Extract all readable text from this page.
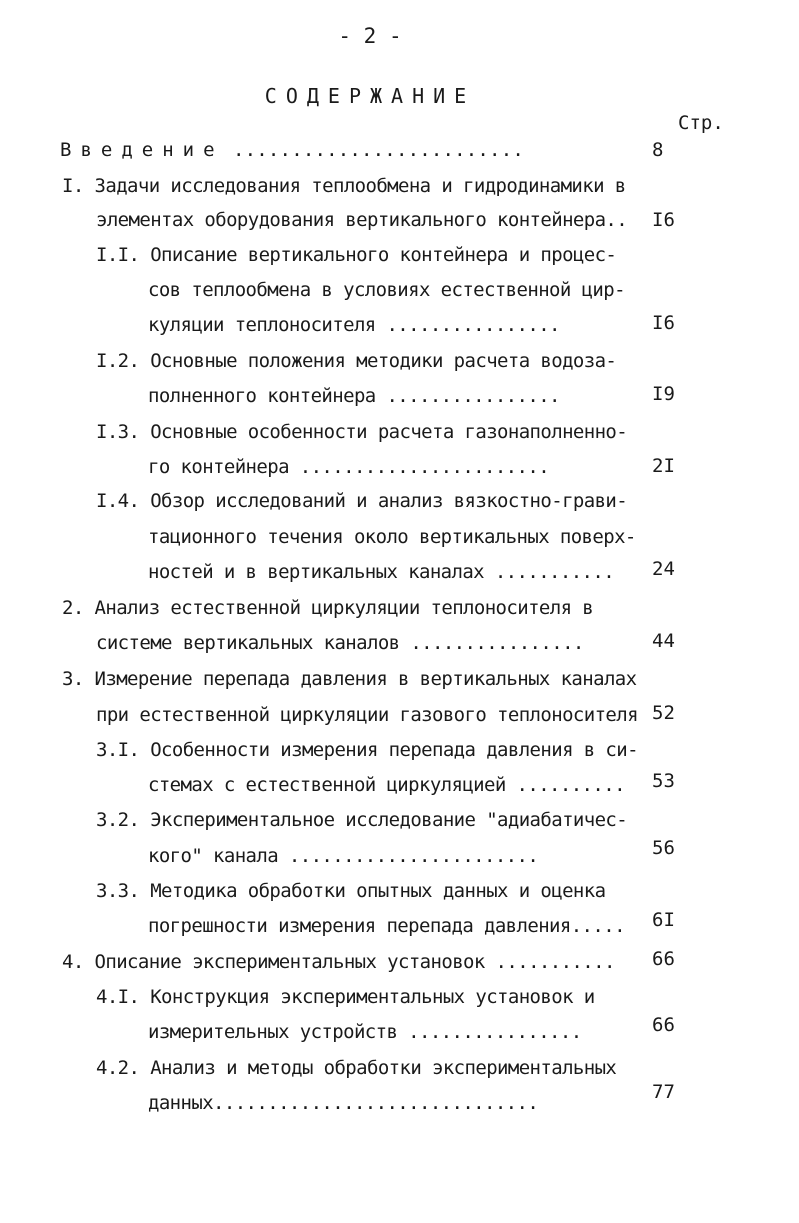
- 2 -
СОДЕРЖАНИЕ
Стр.
Введение .........................	8
I. Задачи исследования теплообмена и гидродинамики в
элементах оборудования вертикального контейнера.. I6
I.I. Описание вертикального контейнера и процес-
сов теплообмена в условиях естественной цир-
куляции теплоносителя ................	I6
I.2. Основные положения методики расчета водоза-
полненного контейнера ................	I9
I.3. Основные особенности расчета газонаполненно-
го контейнера .......................	2I
I.4. Обзор исследований и анализ вязкостно-грави-
тационного течения около вертикальных поверх-
ностей и в вертикальных каналах ........... 24
2. Анализ естественной циркуляции теплоносителя в
системе вертикальных каналов ................	44
3. Измерение перепада давления в вертикальных каналах
при естественной циркуляции газового теплоносителя 52
3.I. Особенности измерения перепада давления в си-
стемах с естественной циркуляцией .......... 53
3.2. Экспериментальное исследование "адиабатичес-
кого" канала .......................	56
3.3. Методика обработки опытных данных и оценка
погрешности измерения перепада давления..... 6I
4. Описание экспериментальных установок ........... 66
4.I. Конструкция экспериментальных установок и
измерительных устройств ................	66
4.2. Анализ и методы обработки экспериментальных
данных..............................	77
